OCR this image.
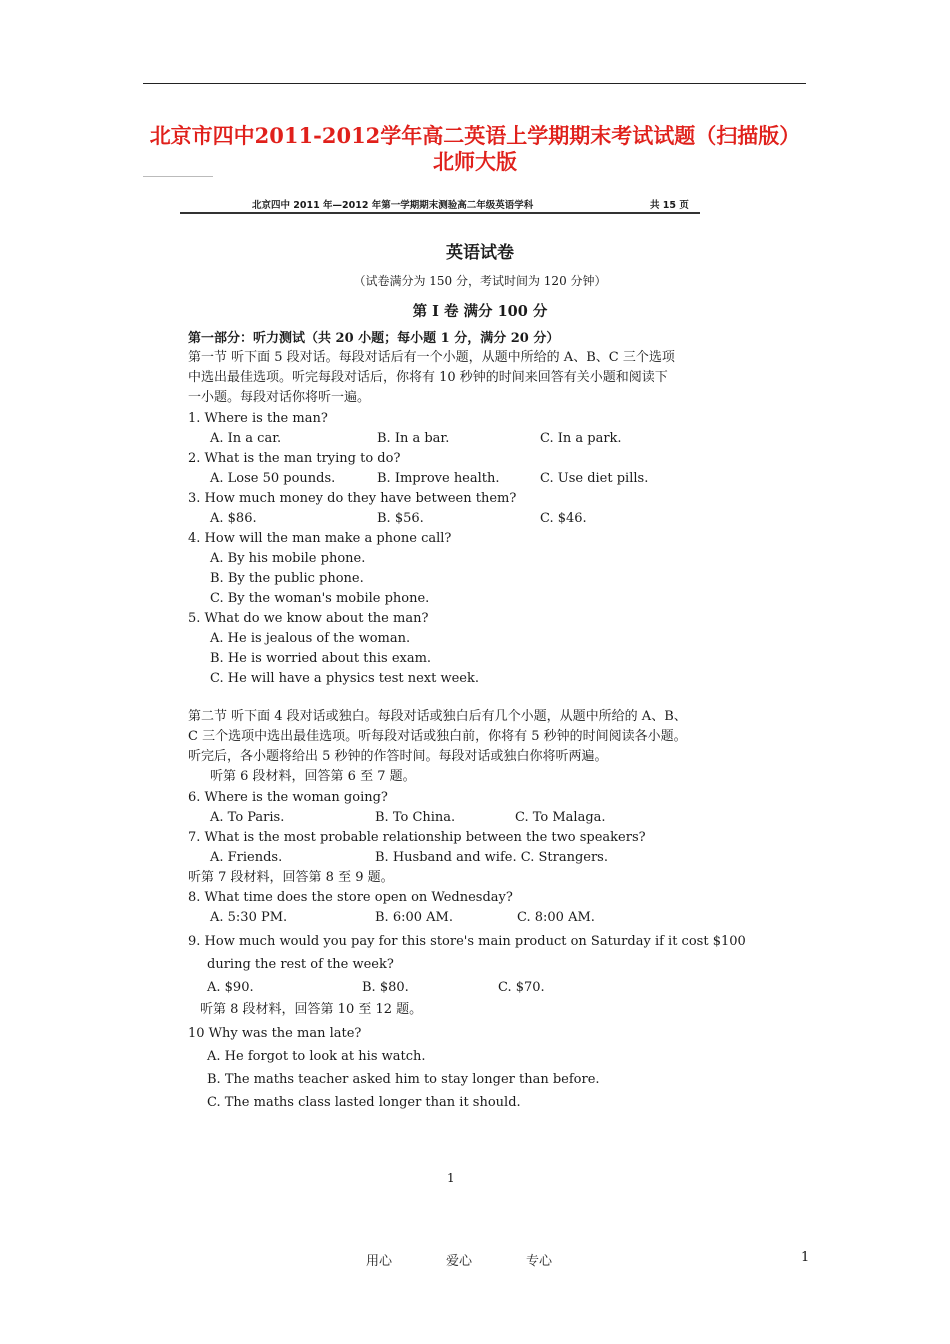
北京市四中2011-2012学年高二英语上学期期末考试试题（扫描版）
北师大版
北京四中 2011 年—2012 年第一学期期末测验高二年级英语学科	共 15 页
英语试卷
（试卷满分为 150 分，考试时间为 120 分钟）
第 I 卷 满分 100 分
第一部分：听力测试（共 20 小题；每小题 1 分，满分 20 分）
第一节 听下面 5 段对话。每段对话后有一个小题，从题中所给的 A、B、C 三个选项
中选出最佳选项。听完每段对话后，你将有 10 秒钟的时间来回答有关小题和阅读下
一小题。每段对话你将听一遍。
1. Where is the man?
A. In a car.	B. In a bar.	C. In a park.
2. What is the man trying to do?
A. Lose 50 pounds.	B. Improve health.	C. Use diet pills.
3. How much money do they have between them?
A. $86.	B. $56.	C. $46.
4. How will the man make a phone call?
A. By his mobile phone.
B. By the public phone.
C. By the woman's mobile phone.
5. What do we know about the man?
A. He is jealous of the woman.
B. He is worried about this exam.
C. He will have a physics test next week.
第二节 听下面 4 段对话或独白。每段对话或独白后有几个小题，从题中所给的 A、B、
C 三个选项中选出最佳选项。听每段对话或独白前，你将有 5 秒钟的时间阅读各小题。
听完后，各小题将给出 5 秒钟的作答时间。每段对话或独白你将听两遍。
听第 6 段材料，回答第 6 至 7 题。
6. Where is the woman going?
A. To Paris.	B. To China.	C. To Malaga.
7. What is the most probable relationship between the two speakers?
A. Friends.	B. Husband and wife. C. Strangers.
听第 7 段材料，回答第 8 至 9 题。
8. What time does the store open on Wednesday?
A. 5:30 PM.	B. 6:00 AM.	C. 8:00 AM.
9. How much would you pay for this store's main product on Saturday if it cost $100
during the rest of the week?
A. $90.	B. $80.	C. $70.
听第 8 段材料，回答第 10 至 12 题。
10 Why was the man late?
A. He forgot to look at his watch.
B. The maths teacher asked him to stay longer than before.
C. The maths class lasted longer than it should.
1
用心	爱心	专心	1
